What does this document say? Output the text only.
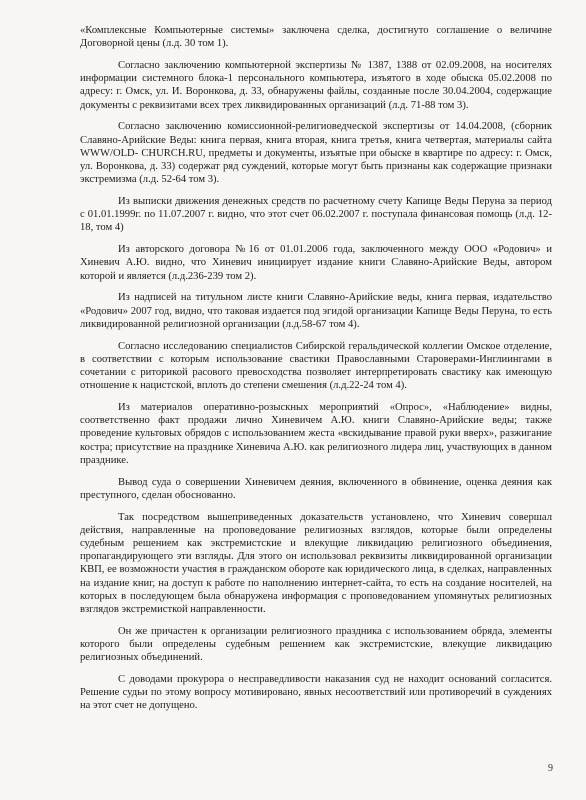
«Комплексные Компьютерные системы» заключена сделка, достигнуто соглашение о величине Договорной цены (л.д. 30 том 1).

Согласно заключению компьютерной экспертизы № 1387, 1388 от 02.09.2008, на носителях информации системного блока-1 персонального компьютера, изъятого в ходе обыска 05.02.2008 по адресу: г. Омск, ул. И. Воронкова, д. 33, обнаружены файлы, созданные после 30.04.2004, содержащие документы с реквизитами всех трех ликвидированных организаций (л.д. 71-88 том 3).

Согласно заключению комиссионной-религиоведческой экспертизы от 14.04.2008, (сборник Славяно-Арийские Веды: книга первая, книга вторая, книга третья, книга четвертая, материалы сайта WWW/OLD- CHURCH.RU, предметы и документы, изъятые при обыске в квартире по адресу: г. Омск, ул. Воронкова, д. 33) содержат ряд суждений, которые могут быть признаны как содержащие признаки экстремизма (л.д. 52-64 том 3).

Из выписки движения денежных средств по расчетному счету Капище Веды Перуна за период с 01.01.1999г. по 11.07.2007 г. видно, что этот счет 06.02.2007 г. поступала финансовая помощь (л.д. 12-18, том 4)

Из авторского договора №16 от 01.01.2006 года, заключенного между ООО «Родович» и Хиневич А.Ю. видно, что Хиневич инициирует издание книги Славяно-Арийские Веды, автором которой и является (л.д.236-239 том 2).

Из надписей на титульном листе книги Славяно-Арийские веды, книга первая, издательство «Родович» 2007 год, видно, что таковая издается под эгидой организации Капище Веды Перуна, то есть ликвидированной религиозной организации (л.д.58-67 том 4).

Согласно исследованию специалистов Сибирской геральдической коллегии Омское отделение, в соответствии с которым использование свастики Православными Староверами-Инглиингами в сочетании с риторикой расового превосходства позволяет интерпретировать свастику как имеющую отношение к нацистской, вплоть до степени смешения (л.д.22-24 том 4).

Из материалов оперативно-розыскных мероприятий «Опрос», «Наблюдение» видны, соответственно факт продажи лично Хиневичем А.Ю. книги Славяно-Арийские веды; также проведение культовых обрядов с использованием жеста «вскидывание правой руки вверх», разжигание костра; присутствие на празднике Хиневича А.Ю. как религиозного лидера лиц, участвующих в данном празднике.

Вывод суда о совершении Хиневичем деяния, включенного в обвинение, оценка деяния как преступного, сделан обоснованно.

Так посредством вышеприведенных доказательств установлено, что Хиневич совершал действия, направленные на проповедование религиозных взглядов, которые были определены судебным решением как экстремистские и влекущие ликвидацию религиозного объединения, пропагандирующего эти взгляды. Для этого он использовал реквизиты ликвидированной организации КВП, ее возможности участия в гражданском обороте как юридического лица, в сделках, направленных на издание книг, на доступ к работе по наполнению интернет-сайта, то есть на создание носителей, на которых в последующем была обнаружена информация с проповедованием упомянутых религиозных взглядов экстремисткой направленности.

Он же причастен к организации религиозного праздника с использованием обряда, элементы которого были определены судебным решением как экстремистские, влекущие ликвидацию религиозных объединений.

С доводами прокурора о несправедливости наказания суд не находит оснований согласится. Решение судьи по этому вопросу мотивировано, явных несоответствий или противоречий в суждениях на этот счет не допущено.

9
